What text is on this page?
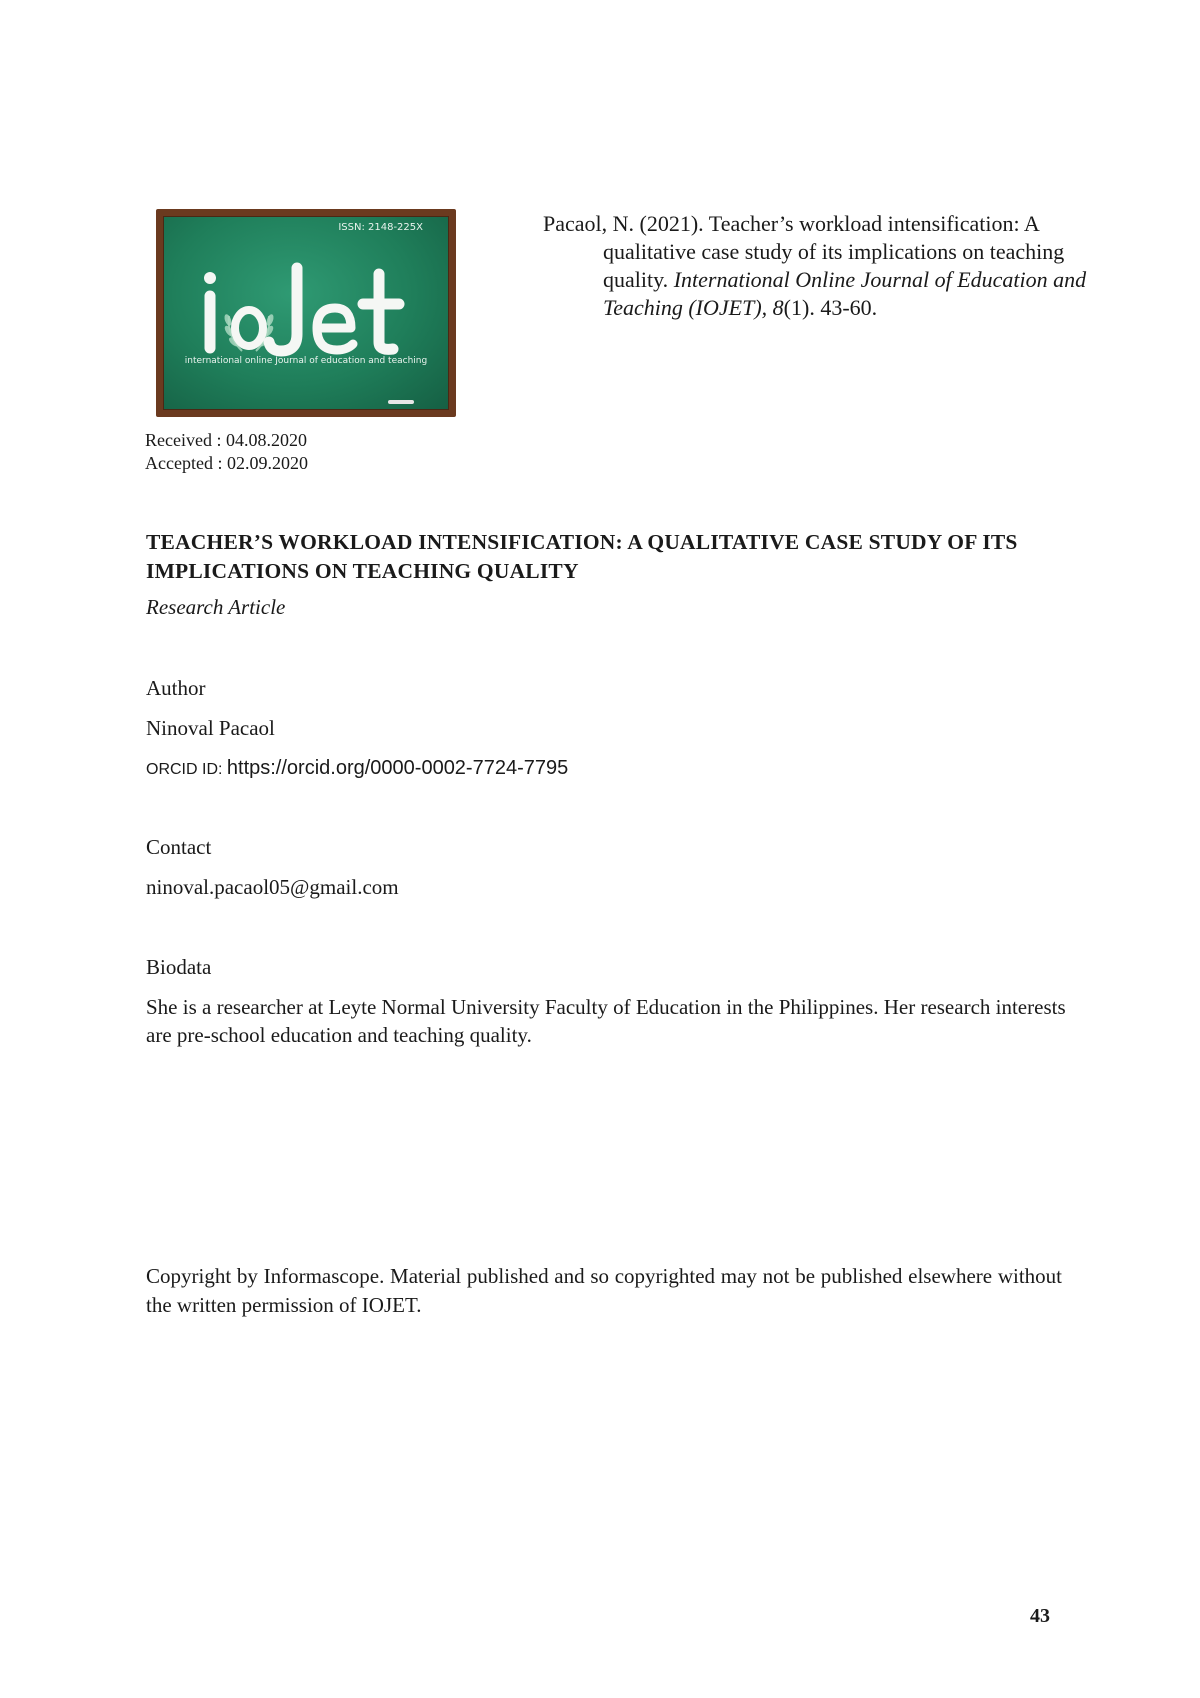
ISSN: 2148-225X
international online Journal of education and teaching
Pacaol, N. (2021). Teacher’s workload intensification: A qualitative case study of its implications on teaching quality. International Online Journal of Education and Teaching (IOJET), 8(1). 43-60.
Received : 04.08.2020
Accepted : 02.09.2020
TEACHER’S WORKLOAD INTENSIFICATION: A QUALITATIVE CASE STUDY OF ITS IMPLICATIONS ON TEACHING QUALITY
Research Article
Author
Ninoval Pacaol
ORCID ID: https://orcid.org/0000-0002-7724-7795
Contact
ninoval.pacaol05@gmail.com
Biodata
She is a researcher at Leyte Normal University Faculty of Education in the Philippines. Her research interests are pre-school education and teaching quality.
Copyright by Informascope. Material published and so copyrighted may not be published elsewhere without the written permission of IOJET.
43
